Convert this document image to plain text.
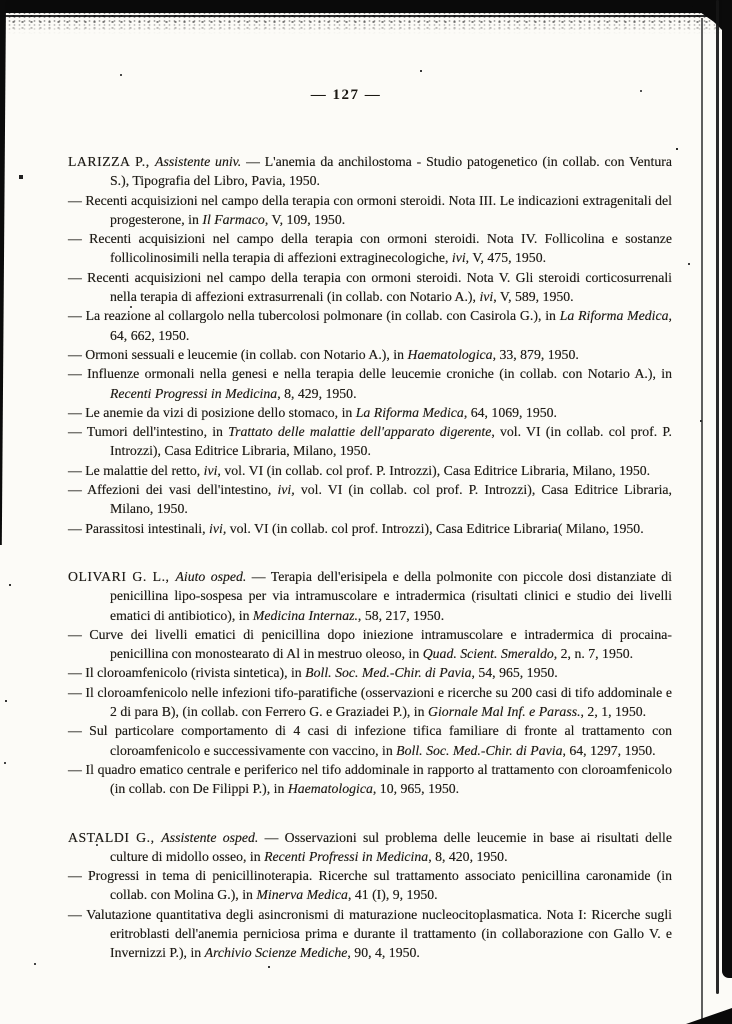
— 127 —

LARIZZA P., Assistente univ. — L'anemia da anchilostoma - Studio patogenetico (in collab. con Ventura S.), Tipografia del Libro, Pavia, 1950.

— Recenti acquisizioni nel campo della terapia con ormoni steroidi. Nota III. Le indicazioni extragenitali del progesterone, in Il Farmaco, V, 109, 1950.

— Recenti acquisizioni nel campo della terapia con ormoni steroidi. Nota IV. Follicolina e sostanze follicolinosimili nella terapia di affezioni extraginecologiche, ivi, V, 475, 1950.

— Recenti acquisizioni nel campo della terapia con ormoni steroidi. Nota V. Gli steroidi corticosurrenali nella terapia di affezioni extrasurrenali (in collab. con Notario A.), ivi, V, 589, 1950.

— La reazione al collargolo nella tubercolosi polmonare (in collab. con Casirola G.), in La Riforma Medica, 64, 662, 1950.

— Ormoni sessuali e leucemie (in collab. con Notario A.), in Haematologica, 33, 879, 1950.

— Influenze ormonali nella genesi e nella terapia delle leucemie croniche (in collab. con Notario A.), in Recenti Progressi in Medicina, 8, 429, 1950.

— Le anemie da vizi di posizione dello stomaco, in La Riforma Medica, 64, 1069, 1950.

— Tumori dell'intestino, in Trattato delle malattie dell'apparato digerente, vol. VI (in collab. col prof. P. Introzzi), Casa Editrice Libraria, Milano, 1950.

— Le malattie del retto, ivi, vol. VI (in collab. col prof. P. Introzzi), Casa Editrice Libraria, Milano, 1950.

— Affezioni dei vasi dell'intestino, ivi, vol. VI (in collab. col prof. P. Introzzi), Casa Editrice Libraria, Milano, 1950.

— Parassitosi intestinali, ivi, vol. VI (in collab. col prof. Introzzi), Casa Editrice Libraria( Milano, 1950.

OLIVARI G. L., Aiuto osped. — Terapia dell'erisipela e della polmonite con piccole dosi distanziate di penicillina lipo-sospesa per via intramuscolare e intradermica (risultati clinici e studio dei livelli ematici di antibiotico), in Medicina Internaz., 58, 217, 1950.

— Curve dei livelli ematici di penicillina dopo iniezione intramuscolare e intradermica di procaina-penicillina con monostearato di Al in mestruo oleoso, in Quad. Scient. Smeraldo, 2, n. 7, 1950.

— Il cloroamfenicolo (rivista sintetica), in Boll. Soc. Med.-Chir. di Pavia, 54, 965, 1950.

— Il cloroamfenicolo nelle infezioni tifo-paratifiche (osservazioni e ricerche su 200 casi di tifo addominale e 2 di para B), (in collab. con Ferrero G. e Graziadei P.), in Giornale Mal Inf. e Parass., 2, 1, 1950.

— Sul particolare comportamento di 4 casi di infezione tifica familiare di fronte al trattamento con cloroamfenicolo e successivamente con vaccino, in Boll. Soc. Med.-Chir. di Pavia, 64, 1297, 1950.

— Il quadro ematico centrale e periferico nel tifo addominale in rapporto al trattamento con cloroamfenicolo (in collab. con De Filippi P.), in Haematologica, 10, 965, 1950.

ASTALDI G., Assistente osped. — Osservazioni sul problema delle leucemie in base ai risultati delle culture di midollo osseo, in Recenti Profressi in Medicina, 8, 420, 1950.

— Progressi in tema di penicillinoterapia. Ricerche sul trattamento associato penicillina caronamide (in collab. con Molina G.), in Minerva Medica, 41 (I), 9, 1950.

— Valutazione quantitativa degli asincronismi di maturazione nucleocitoplasmatica. Nota I: Ricerche sugli eritroblasti dell'anemia perniciosa prima e durante il trattamento (in collaborazione con Gallo V. e Invernizzi P.), in Archivio Scienze Mediche, 90, 4, 1950.
